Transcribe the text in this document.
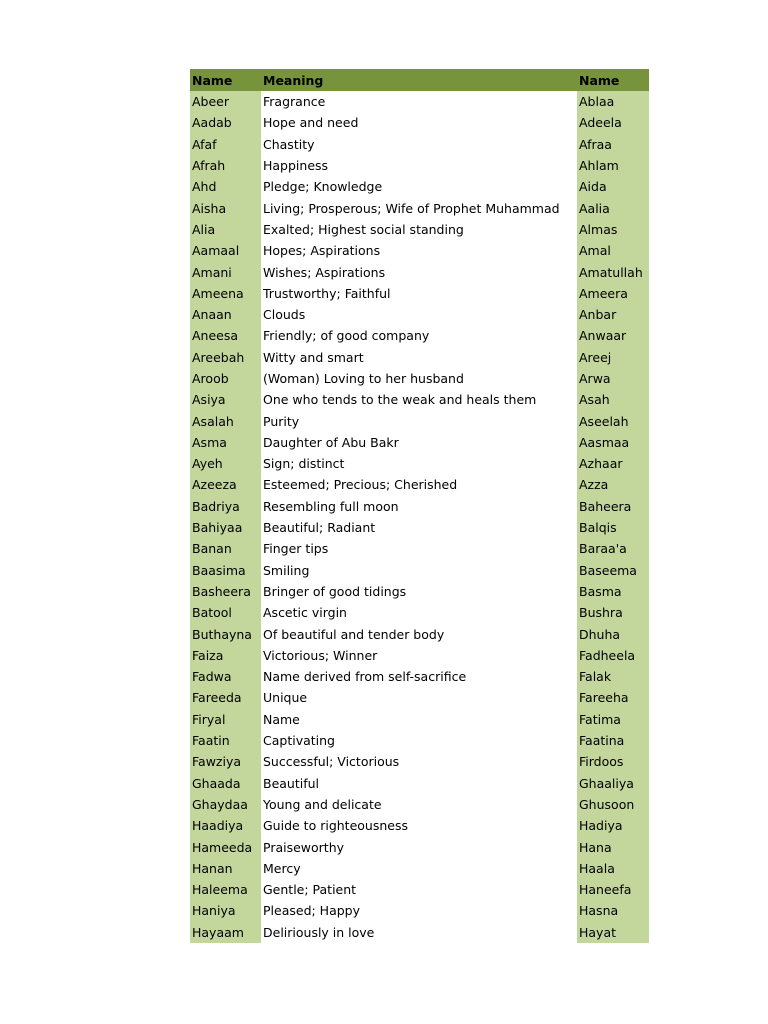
Name	Meaning	Name
Abeer	Fragrance	Ablaa
Aadab	Hope and need	Adeela
Afaf	Chastity	Afraa
Afrah	Happiness	Ahlam
Ahd	Pledge; Knowledge	Aida
Aisha	Living; Prosperous; Wife of Prophet Muhammad	Aalia
Alia	Exalted; Highest social standing	Almas
Aamaal	Hopes; Aspirations	Amal
Amani	Wishes; Aspirations	Amatullah
Ameena	Trustworthy; Faithful	Ameera
Anaan	Clouds	Anbar
Aneesa	Friendly; of good company	Anwaar
Areebah	Witty and smart	Areej
Aroob	(Woman) Loving to her husband	Arwa
Asiya	One who tends to the weak and heals them	Asah
Asalah	Purity	Aseelah
Asma	Daughter of Abu Bakr	Aasmaa
Ayeh	Sign; distinct	Azhaar
Azeeza	Esteemed; Precious; Cherished	Azza
Badriya	Resembling full moon	Baheera
Bahiyaa	Beautiful; Radiant	Balqis
Banan	Finger tips	Baraa'a
Baasima	Smiling	Baseema
Basheera	Bringer of good tidings	Basma
Batool	Ascetic virgin	Bushra
Buthayna	Of beautiful and tender body	Dhuha
Faiza	Victorious; Winner	Fadheela
Fadwa	Name derived from self-sacrifice	Falak
Fareeda	Unique	Fareeha
Firyal	Name	Fatima
Faatin	Captivating	Faatina
Fawziya	Successful; Victorious	Firdoos
Ghaada	Beautiful	Ghaaliya
Ghaydaa	Young and delicate	Ghusoon
Haadiya	Guide to righteousness	Hadiya
Hameeda	Praiseworthy	Hana
Hanan	Mercy	Haala
Haleema	Gentle; Patient	Haneefa
Haniya	Pleased; Happy	Hasna
Hayaam	Deliriously in love	Hayat
